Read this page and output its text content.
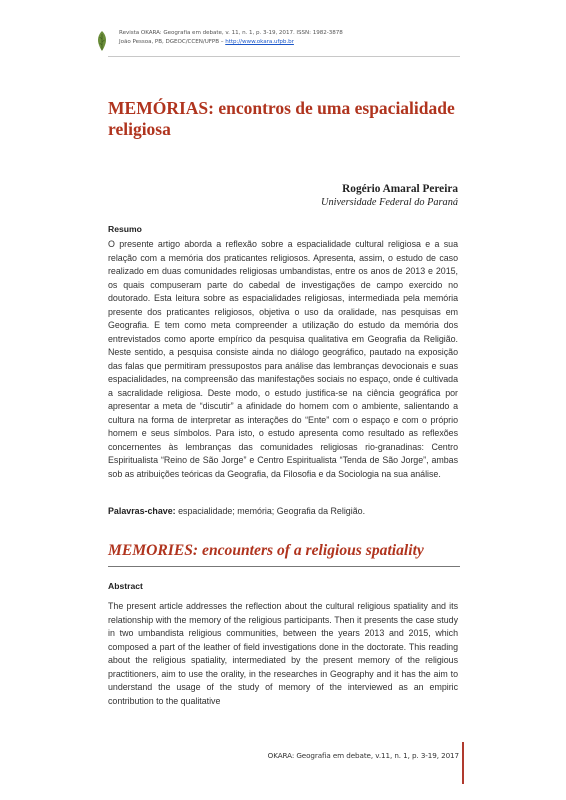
Revista OKARA: Geografia em debate, v. 11, n. 1, p. 3-19, 2017. ISSN: 1982-3878
João Pessoa, PB, DGEOC/CCEN/UFPB – http://www.okara.ufpb.br
MEMÓRIAS: encontros de uma espacialidade religiosa
Rogério Amaral Pereira
Universidade Federal do Paraná
Resumo

O presente artigo aborda a reflexão sobre a espacialidade cultural religiosa e a sua relação com a memória dos praticantes religiosos. Apresenta, assim, o estudo de caso realizado em duas comunidades religiosas umbandistas, entre os anos de 2013 e 2015, os quais compuseram parte do cabedal de investigações de campo exercido no doutorado. Esta leitura sobre as espacialidades religiosas, intermediada pela memória presente dos praticantes religiosos, objetiva o uso da oralidade, nas pesquisas em Geografia. E tem como meta compreender a utilização do estudo da memória dos entrevistados como aporte empírico da pesquisa qualitativa em Geografia da Religião. Neste sentido, a pesquisa consiste ainda no diálogo geográfico, pautado na exposição das falas que permitiram pressupostos para análise das lembranças devocionais e suas espacialidades, na compreensão das manifestações sociais no espaço, onde é cultivada a sacralidade religiosa. Deste modo, o estudo justifica-se na ciência geográfica por apresentar a meta de “discutir” a afinidade do homem com o ambiente, salientando a cultura na forma de interpretar as interações do “Ente” com o espaço e com o próprio homem e seus símbolos. Para isto, o estudo apresenta como resultado as reflexões concernentes às lembranças das comunidades religiosas rio-granadinas: Centro Espiritualista “Reino de São Jorge” e Centro Espiritualista “Tenda de São Jorge”, ambas sob as atribuições teóricas da Geografia, da Filosofia e da Sociologia na sua análise.

Palavras-chave: espacialidade; memória; Geografia da Religião.
MEMORIES: encounters of a religious spatiality
Abstract

The present article addresses the reflection about the cultural religious spatiality and its relationship with the memory of the religious participants. Then it presents the case study in two umbandista religious communities, between the years 2013 and 2015, which composed a part of the leather of field investigations done in the doctorate. This reading about the religious spatiality, intermediated by the present memory of the religious practitioners, aim to use the orality, in the researches in Geography and it has the aim to understand the usage of the study of memory of the interviewed as an empiric contribution to the qualitative

OKARA: Geografia em debate, v.11, n. 1, p. 3-19, 2017
